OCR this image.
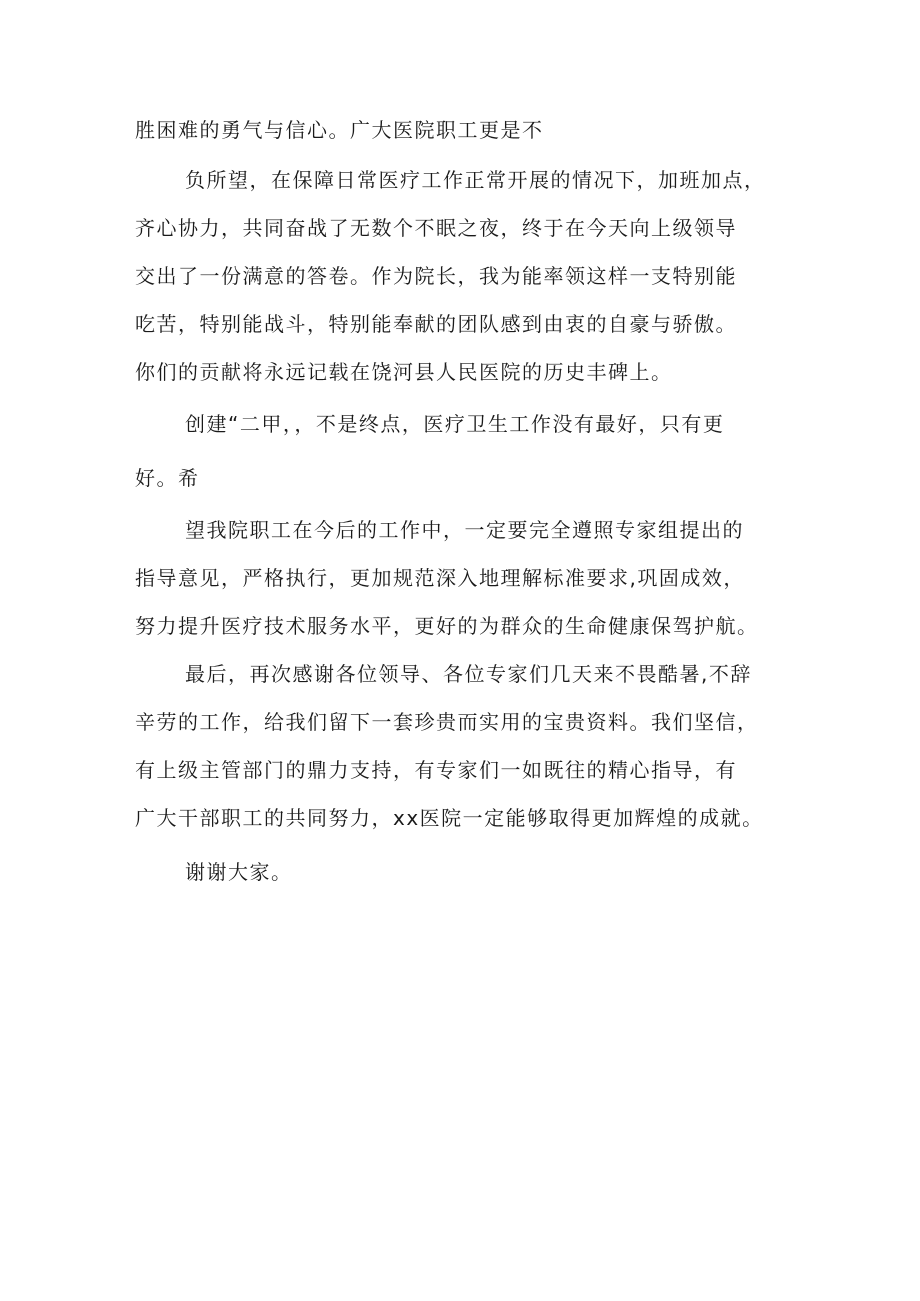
胜困难的勇气与信心。广大医院职工更是不

负所望，在保障日常医疗工作正常开展的情况下，加班加点，

齐心协力，共同奋战了无数个不眠之夜，终于在今天向上级领导

交出了一份满意的答卷。作为院长，我为能率领这样一支特别能

吃苦，特别能战斗，特别能奉献的团队感到由衷的自豪与骄傲。

你们的贡献将永远记载在饶河县人民医院的历史丰碑上。

创建“二甲，，不是终点，医疗卫生工作没有最好，只有更

好。希

望我院职工在今后的工作中，一定要完全遵照专家组提出的

指导意见，严格执行，更加规范深入地理解标准要求,巩固成效，

努力提升医疗技术服务水平，更好的为群众的生命健康保驾护航。

最后，再次感谢各位领导、各位专家们几天来不畏酷暑,不辞

辛劳的工作，给我们留下一套珍贵而实用的宝贵资料。我们坚信，

有上级主管部门的鼎力支持，有专家们一如既往的精心指导，有

广大干部职工的共同努力，xx医院一定能够取得更加辉煌的成就。

谢谢大家。
